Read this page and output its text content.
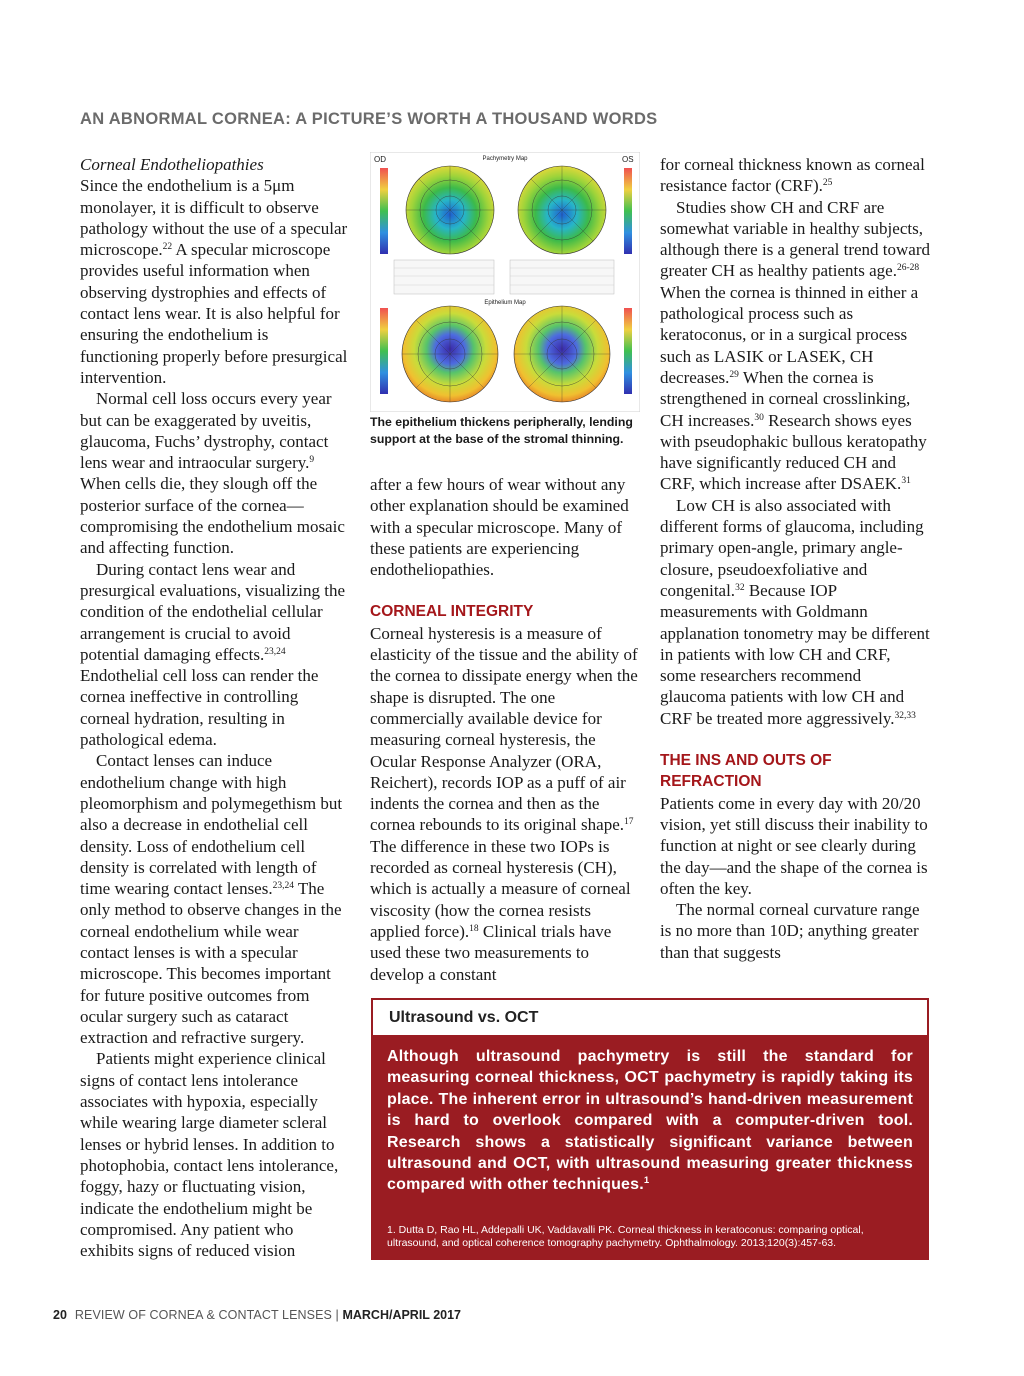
AN ABNORMAL CORNEA: A PICTURE’S WORTH A THOUSAND WORDS

Corneal Endotheliopathies

Since the endothelium is a 5μm monolayer, it is difficult to observe pathology without the use of a specular microscope.$^{22}$ A specular microscope provides useful information when observing dystrophies and effects of contact lens wear. It is also helpful for ensuring the endothelium is functioning properly before presurgical intervention.

Normal cell loss occurs every year but can be exaggerated by uveitis, glaucoma, Fuchs’ dystrophy, contact lens wear and intraocular surgery.$^9$ When cells die, they slough off the posterior surface of the cornea—compromising the endothelium mosaic and affecting function.

During contact lens wear and presurgical evaluations, visualizing the condition of the endothelial cellular arrangement is crucial to avoid potential damaging effects.$^{23,24}$ Endothelial cell loss can render the cornea ineffective in controlling corneal hydration, resulting in pathological edema.

Contact lenses can induce endothelium change with high pleomorphism and polymegethism but also a decrease in endothelial cell density. Loss of endothelium cell density is correlated with length of time wearing contact lenses.$^{23,24}$ The only method to observe changes in the corneal endothelium while wear contact lenses is with a specular microscope. This becomes important for future positive outcomes from ocular surgery such as cataract extraction and refractive surgery.

Patients might experience clinical signs of contact lens intolerance associates with hypoxia, especially while wearing large diameter scleral lenses or hybrid lenses. In addition to photophobia, contact lens intolerance, foggy, hazy or fluctuating vision, indicate the endothelium might be compromised. Any patient who exhibits signs of reduced vision

OD	OS
Pachymetry Map
Epithelium Map
The epithelium thickens peripherally, lending support at the base of the stromal thinning.

after a few hours of wear without any other explanation should be examined with a specular microscope. Many of these patients are experiencing endotheliopathies.

CORNEAL INTEGRITY

Corneal hysteresis is a measure of elasticity of the tissue and the ability of the cornea to dissipate energy when the shape is disrupted. The one commercially available device for measuring corneal hysteresis, the Ocular Response Analyzer (ORA, Reichert), records IOP as a puff of air indents the cornea and then as the cornea rebounds to its original shape.$^{17}$ The difference in these two IOPs is recorded as corneal hysteresis (CH), which is actually a measure of corneal viscosity (how the cornea resists applied force).$^{18}$ Clinical trials have used these two measurements to develop a constant

for corneal thickness known as corneal resistance factor (CRF).$^{25}$

Studies show CH and CRF are somewhat variable in healthy subjects, although there is a general trend toward greater CH as healthy patients age.$^{26-28}$ When the cornea is thinned in either a pathological process such as keratoconus, or in a surgical process such as LASIK or LASEK, CH decreases.$^{29}$ When the cornea is strengthened in corneal crosslinking, CH increases.$^{30}$ Research shows eyes with pseudophakic bullous keratopathy have significantly reduced CH and CRF, which increase after DSAEK.$^{31}$

Low CH is also associated with different forms of glaucoma, including primary open-angle, primary angle-closure, pseudoexfoliative and congenital.$^{32}$ Because IOP measurements with Goldmann applanation tonometry may be different in patients with low CH and CRF, some researchers recommend glaucoma patients with low CH and CRF be treated more aggressively.$^{32,33}$

THE INS AND OUTS OF REFRACTION

Patients come in every day with 20/20 vision, yet still discuss their inability to function at night or see clearly during the day—and the shape of the cornea is often the key.

The normal corneal curvature range is no more than 10D; anything greater than that suggests

Ultrasound vs. OCT
Although ultrasound pachymetry is still the standard for measuring corneal thickness, OCT pachymetry is rapidly taking its place. The inherent error in ultrasound’s hand-driven measurement is hard to overlook compared with a computer-driven tool. Research shows a statistically significant variance between ultrasound and OCT, with ultrasound measuring greater thickness compared with other techniques.$^1$
1. Dutta D, Rao HL, Addepalli UK, Vaddavalli PK. Corneal thickness in keratoconus: comparing optical, ultrasound, and optical coherence tomography pachymetry. Ophthalmology. 2013;120(3):457-63.
20 REVIEW OF CORNEA & CONTACT LENSES | MARCH/APRIL 2017
